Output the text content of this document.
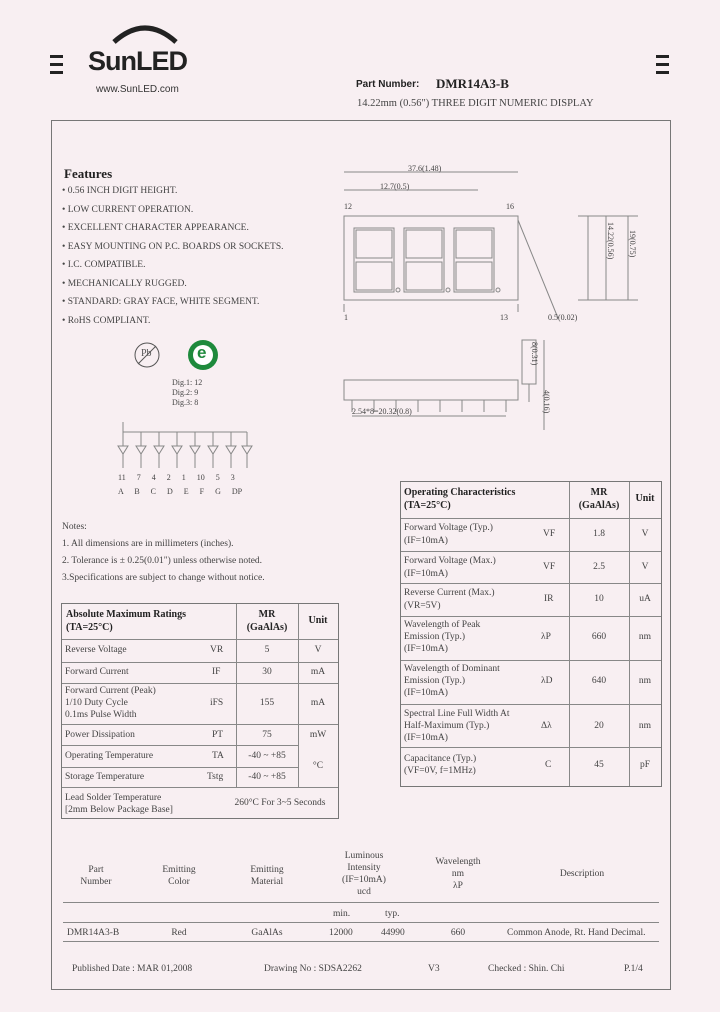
SunLED
www.SunLED.com	Part Number: DMR14A3-B
14.22mm (0.56") THREE DIGIT NUMERIC DISPLAY
Features
• 0.56 INCH DIGIT HEIGHT.
• LOW CURRENT OPERATION.
• EXCELLENT CHARACTER APPEARANCE.
• EASY MOUNTING ON P.C. BOARDS OR SOCKETS.
• I.C. COMPATIBLE.
• MECHANICALLY RUGGED.
• STANDARD: GRAY FACE, WHITE SEGMENT.
• RoHS COMPLIANT.
Pb	e
Dig.1: 12
Dig.2: 9
Dig.3: 8
11 7 4 2 1 10 5 3
A B C D E F G DP
37.6(1.48)
12.7(0.5)
12	16
1	13	0.5(0.02)
19(0.75)
14.22(0.56)
8(0.31)
4(0.16)
2.54*8=20.32(0.8)
Notes:
1. All dimensions are in millimeters (inches).
2. Tolerance is ± 0.25(0.01") unless otherwise noted.
3.Specifications are subject to change without notice.
Absolute Maximum Ratings
(TA=25°C)
MR
(GaAlAs)
Unit
Reverse Voltage	VR	5	V
Forward Current	IF	30	mA
Forward Current (Peak)
1/10 Duty Cycle
0.1ms Pulse Width
iFS	155	mA
Power Dissipation	PT	75	mW
Operating Temperature	TA	-40 ~ +85
°C
Storage Temperature	Tstg	-40 ~ +85
Lead Solder Temperature
[2mm Below Package Base]
260°C For 3~5 Seconds
Operating Characteristics
(TA=25°C)
MR
(GaAlAs)
Unit
Forward Voltage (Typ.)
(IF=10mA)
VF	1.8	V
Forward Voltage (Max.)
(IF=10mA)
VF	2.5	V
Reverse Current (Max.)
(VR=5V)
IR	10	uA
Wavelength of Peak
Emission (Typ.)
(IF=10mA)
λP	660	nm
Wavelength of Dominant
Emission (Typ.)
(IF=10mA)
λD	640	nm
Spectral Line Full Width At
Half-Maximum (Typ.)
(IF=10mA)
Δλ	20	nm
Capacitance (Typ.)
(VF=0V, f=1MHz)
C	45	pF
Part
Number
Emitting
Color
Emitting
Material
Luminous
Intensity
(IF=10mA)
ucd
Wavelength
nm
λP
Description
min.	typ.
DMR14A3-B	Red	GaAlAs	12000	44990	660	Common Anode, Rt. Hand Decimal.
Published Date : MAR 01,2008	Drawing No : SDSA2262	V3	Checked : Shin. Chi	P.1/4
